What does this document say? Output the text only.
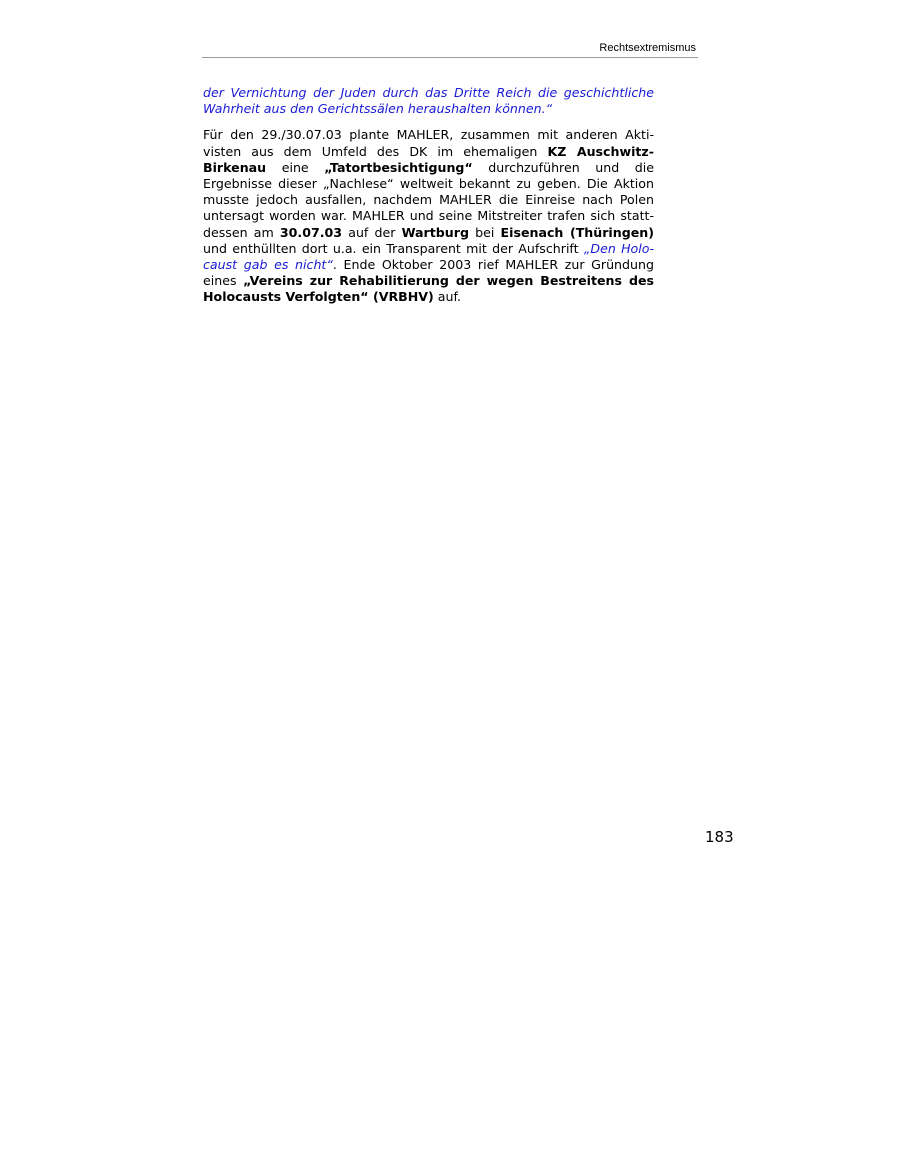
Rechtsextremismus

der Vernichtung der Juden durch das Dritte Reich die geschichtliche Wahrheit aus den Gerichtssälen heraushalten können.“

Für den 29./30.07.03 plante MAHLER, zusammen mit anderen Aktivisten aus dem Umfeld des DK im ehemaligen KZ Auschwitz-Birkenau eine „Tatortbesichtigung“ durchzuführen und die Ergebnisse dieser „Nachlese“ weltweit bekannt zu geben. Die Aktion musste jedoch ausfallen, nachdem MAHLER die Einreise nach Polen untersagt worden war. MAHLER und seine Mitstreiter trafen sich stattdessen am 30.07.03 auf der Wartburg bei Eisenach (Thüringen) und enthüllten dort u.a. ein Transparent mit der Aufschrift „Den Holocaust gab es nicht“. Ende Oktober 2003 rief MAHLER zur Gründung eines „Vereins zur Rehabilitierung der wegen Bestreitens des Holocausts Verfolgten“ (VRBHV) auf.

183
